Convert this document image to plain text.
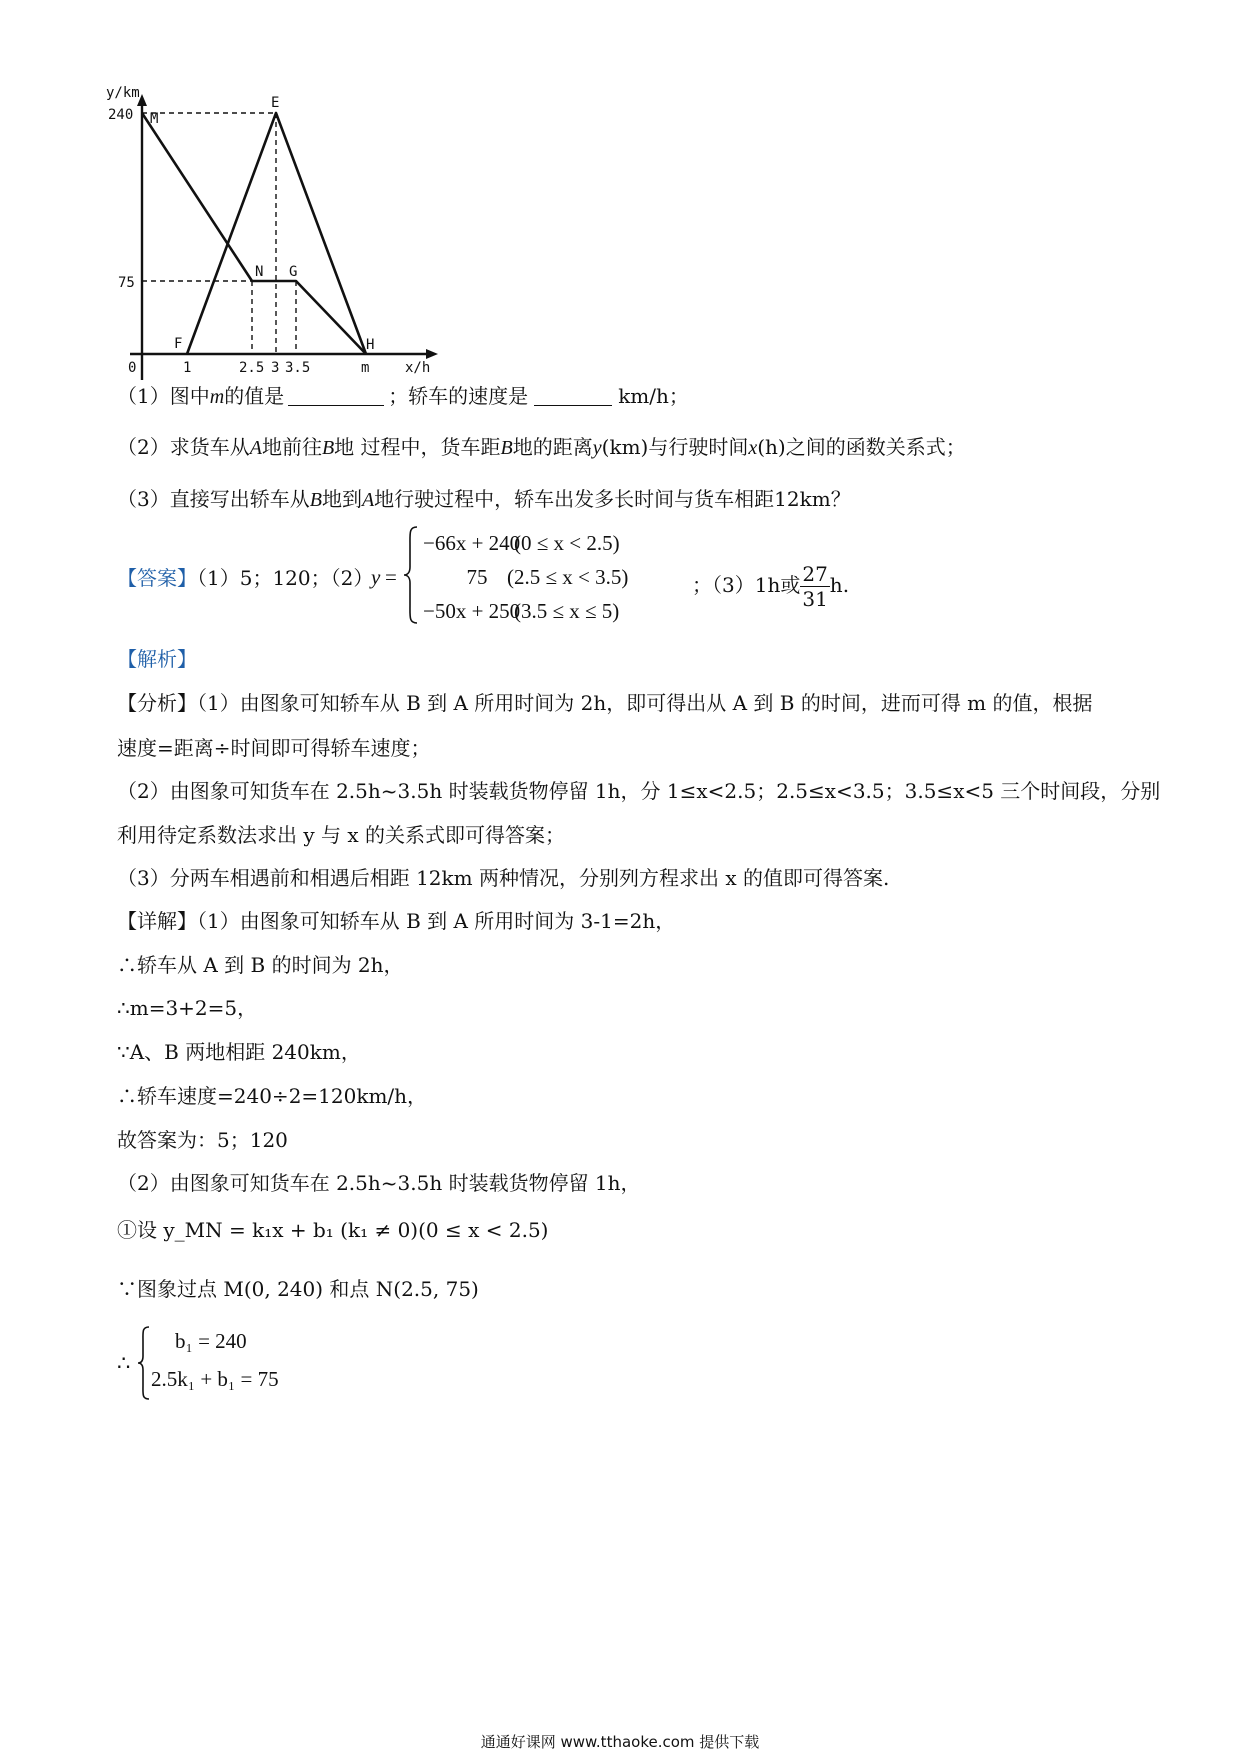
y/km
x/h
240
75
0	1	2.5 3 3.5	m
M
E
N G
F	H
（1）图中m的值是	；轿车的速度是	km/h；
（2）求货车从A地前往B地 过程中，货车距B地的距离y(km)与行驶时间x(h)之间的函数关系式；
（3）直接写出轿车从B地到A地行驶过程中，轿车出发多长时间与货车相距12km？
【答案】（1）5；120；（2）
y =
−66x + 240
(0 ≤ x < 2.5)
75 (2.5 ≤ x < 3.5)
−50x + 250
(3.5 ≤ x ≤ 5)
；（3）1h或 $\frac{27}{31} h$.
【解析】
【分析】（1）由图象可知轿车从 B 到 A 所用时间为 2h，即可得出从 A 到 B 的时间，进而可得 m 的值，根据
速度=距离÷时间即可得轿车速度；
（2）由图象可知货车在 2.5h~3.5h 时装载货物停留 1h，分 1≤x<2.5；2.5≤x<3.5；3.5≤x<5 三个时间段，分别
利用待定系数法求出 y 与 x 的关系式即可得答案；
（3）分两车相遇前和相遇后相距 12km 两种情况，分别列方程求出 x 的值即可得答案.
【详解】（1）由图象可知轿车从 B 到 A 所用时间为 3-1=2h，
∴轿车从 A 到 B 的时间为 2h，
∴m=3+2=5，
∵A、B 两地相距 240km，
∴轿车速度=240÷2=120km/h，
故答案为：5；120
（2）由图象可知货车在 2.5h~3.5h 时装载货物停留 1h，
①设 y_MN = k₁x + b₁ (k₁ ≠ 0)(0 ≤ x < 2.5)
∵图象过点 M(0, 240) 和点 N(2.5, 75)
∴
b₁ = 240
2.5k₁ + b₁ = 75
通通好课网 www.tthaoke.com 提供下载
